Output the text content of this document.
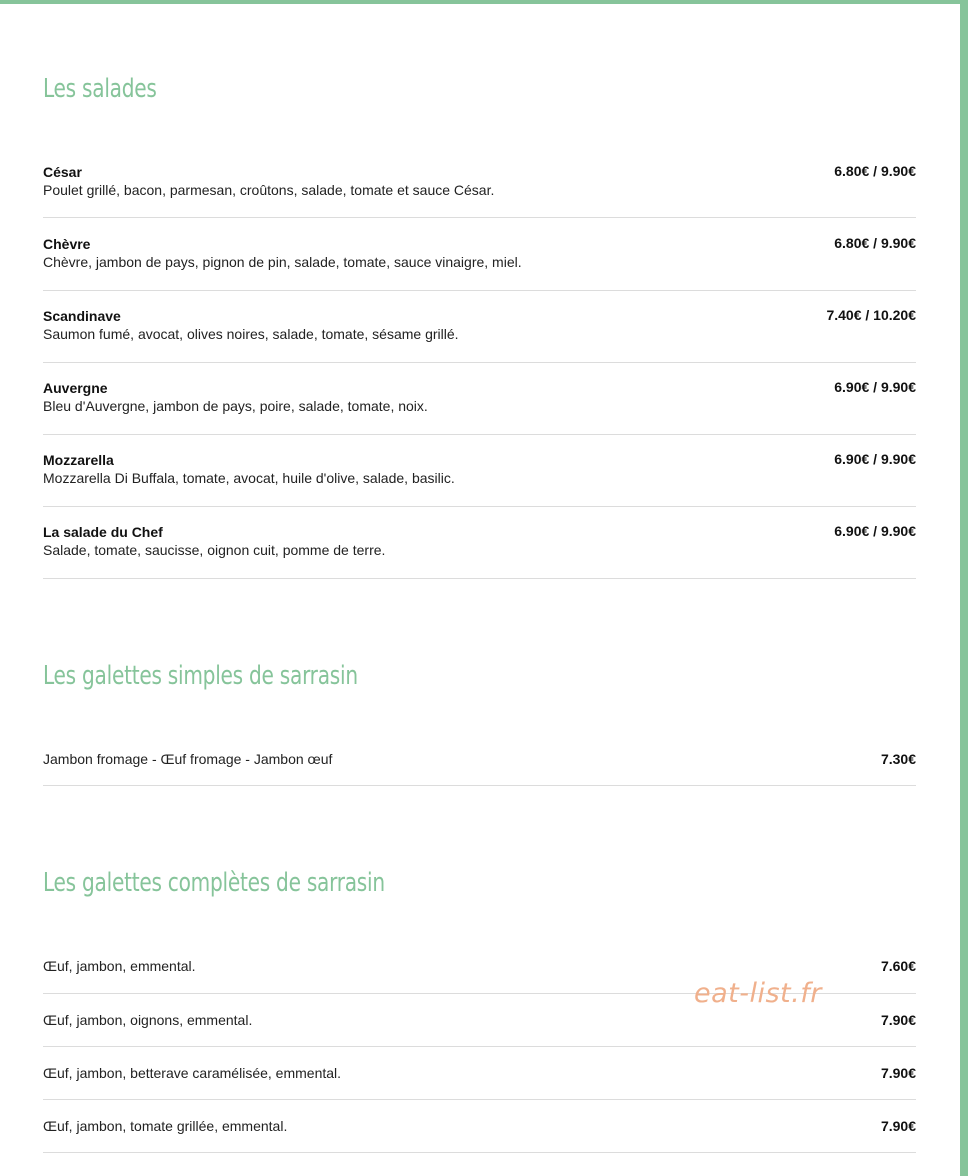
Les salades
César
Poulet grillé, bacon, parmesan, croûtons, salade, tomate et sauce César.
6.80€ / 9.90€
Chèvre
Chèvre, jambon de pays, pignon de pin, salade, tomate, sauce vinaigre, miel.
6.80€ / 9.90€
Scandinave
Saumon fumé, avocat, olives noires, salade, tomate, sésame grillé.
7.40€ / 10.20€
Auvergne
Bleu d'Auvergne, jambon de pays, poire, salade, tomate, noix.
6.90€ / 9.90€
Mozzarella
Mozzarella Di Buffala, tomate, avocat, huile d'olive, salade, basilic.
6.90€ / 9.90€
La salade du Chef
Salade, tomate, saucisse, oignon cuit, pomme de terre.
6.90€ / 9.90€
Les galettes simples de sarrasin
Jambon fromage - Œuf fromage - Jambon œuf	7.30€
Les galettes complètes de sarrasin
Œuf, jambon, emmental.	7.60€
Œuf, jambon, oignons, emmental.	7.90€
Œuf, jambon, betterave caramélisée, emmental.	7.90€
Œuf, jambon, tomate grillée, emmental.	7.90€
eat-list.fr
